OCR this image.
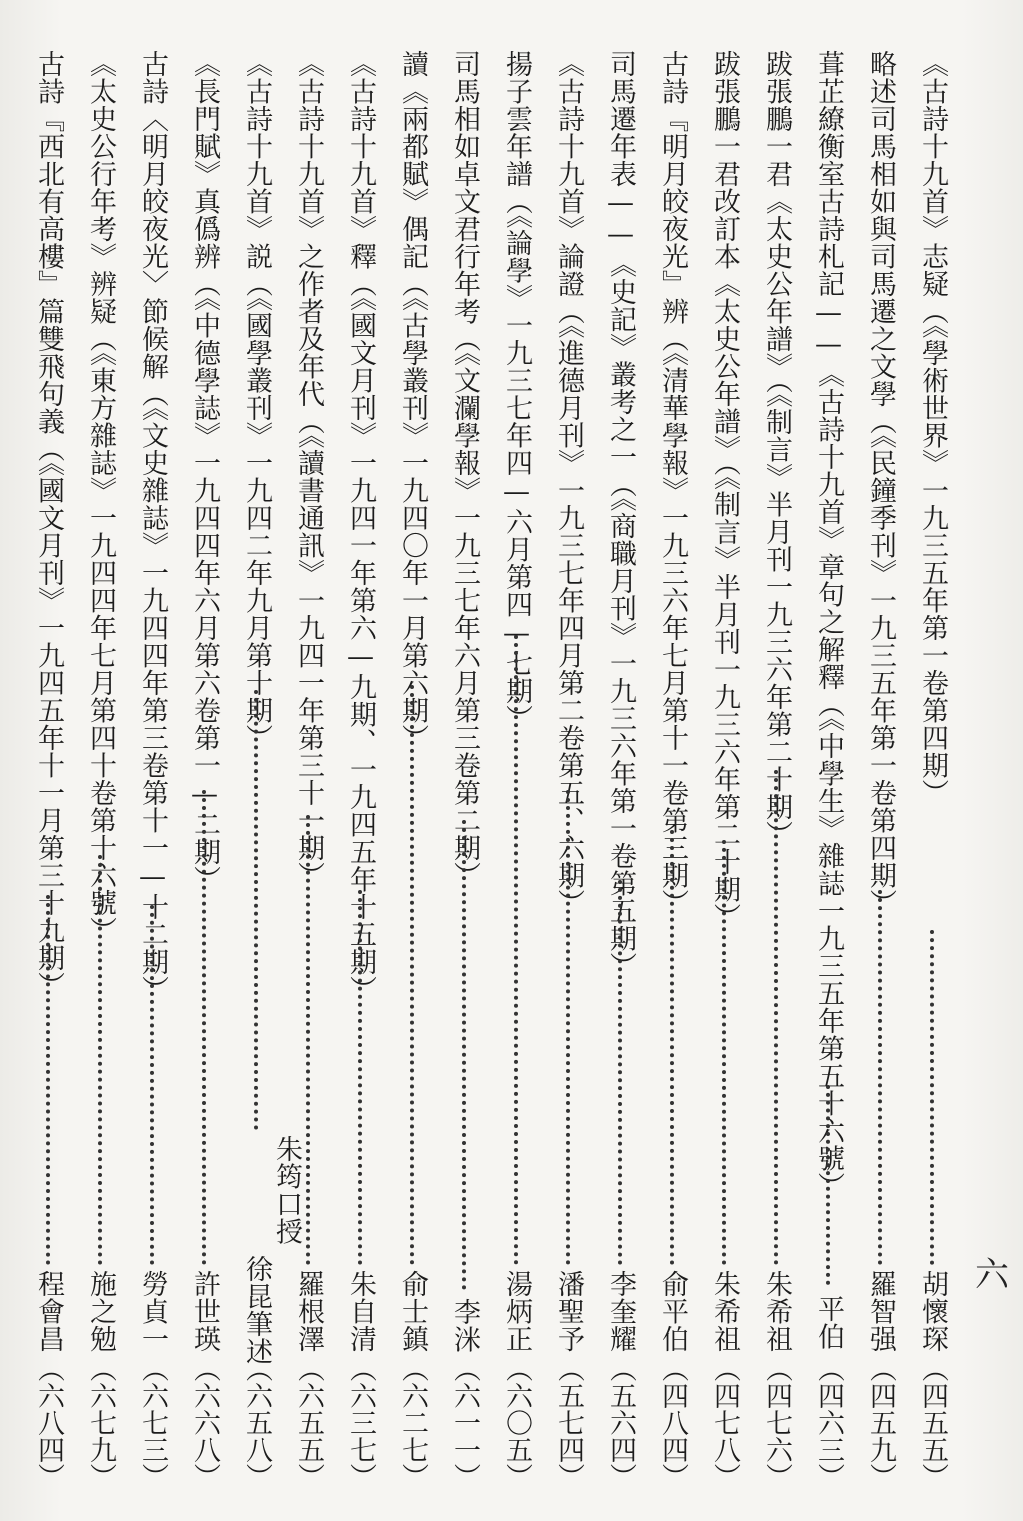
六
《古詩十九首》志疑（《學術世界》一九三五年第一卷第四期）
胡懷琛
（四五五）
略述司馬相如與司馬遷之文學（《民鐘季刊》一九三五年第一卷第四期）
羅智强
（四五九）
葺芷繚衡室古詩札記——《古詩十九首》章句之解釋（《中學生》雜誌一九三五年第五十六號）
平伯
（四六三）
跋張鵬一君《太史公年譜》（《制言》半月刊一九三六年第二十期）
朱希祖
（四七六）
跋張鵬一君改訂本《太史公年譜》（《制言》半月刊一九三六年第二十期）
朱希祖
（四七八）
古詩『明月皎夜光』辨（《清華學報》一九三六年七月第十一卷第三期）
俞平伯
（四八四）
司馬遷年表——《史記》叢考之一（《商職月刊》一九三六年第一卷第五期）
李奎耀
（五六四）
《古詩十九首》論證（《進德月刊》一九三七年四月第二卷第五、六期）
潘聖予
（五七四）
揚子雲年譜（《論學》一九三七年四—六月第四—七期）
湯炳正
（六〇五）
司馬相如卓文君行年考（《文瀾學報》一九三七年六月第三卷第二期）
李洣
（六一一）
讀《兩都賦》偶記（《古學叢刊》一九四〇年一月第六期）
俞士鎮
（六二七）
《古詩十九首》釋（《國文月刊》一九四一年第六—九期、一九四五年十五期）
朱自清
（六三七）
《古詩十九首》之作者及年代（《讀書通訊》一九四一年第三十一期）
羅根澤
（六五五）
《古詩十九首》説（《國學叢刊》一九四二年九月第十期）
朱筠口授
徐昆筆述
（六五八）
《長門賦》真僞辨（《中德學誌》一九四四年六月第六卷第一—二期）
許世瑛
（六六八）
古詩〈明月皎夜光〉節候解（《文史雜誌》一九四四年第三卷第十一—十二期）
勞貞一
（六七三）
《太史公行年考》辨疑（《東方雜誌》一九四四年七月第四十卷第十六號）
施之勉
（六七九）
古詩『西北有高樓』篇雙飛句義（《國文月刊》一九四五年十一月第三十九期）
程會昌
（六八四）
